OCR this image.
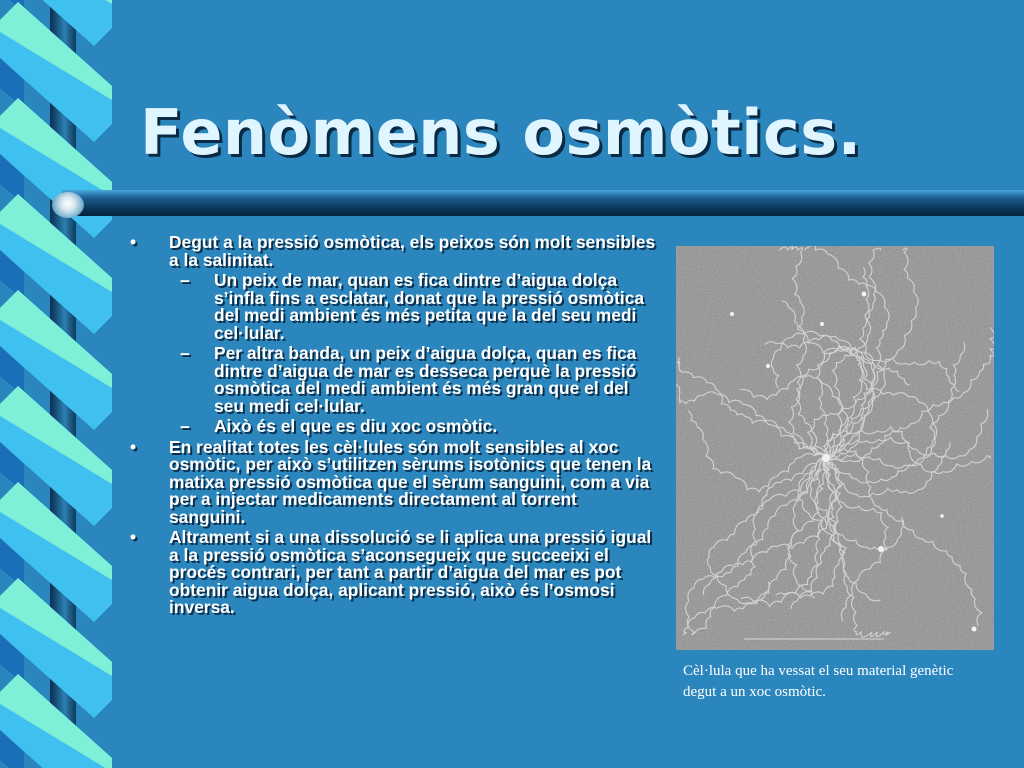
Fenòmens osmòtics.
• Degut a la pressió osmòtica, els peixos són molt sensibles a la salinitat.
– Un peix de mar, quan es fica dintre d’aigua dolça s’infla fins a esclatar, donat que la pressió osmòtica del medi ambient és més petita que la del seu medi cel·lular.
– Per altra banda, un peix d’aigua dolça, quan es fica dintre d’aigua de mar es desseca perquè la pressió osmòtica del medi ambient és més gran que el del seu medi cel·lular.
– Això és el que es diu xoc osmòtic.
• En realitat totes les cèl·lules són molt sensibles al xoc osmòtic, per això s’utilitzen sèrums isotònics que tenen la matixa pressió osmòtica que el sèrum sanguini, com a via per a injectar medicaments directament al torrent sanguini.
• Altrament si a una dissolució se li aplica una pressió igual a la pressió osmòtica s’aconsegueix que succeeixi el procés contrari, per tant a partir d’aigua del mar es pot obtenir aigua dolça, aplicant pressió, això és l’osmosi inversa.
Cèl·lula que ha vessat el seu material genètic degut a un xoc osmòtic.
